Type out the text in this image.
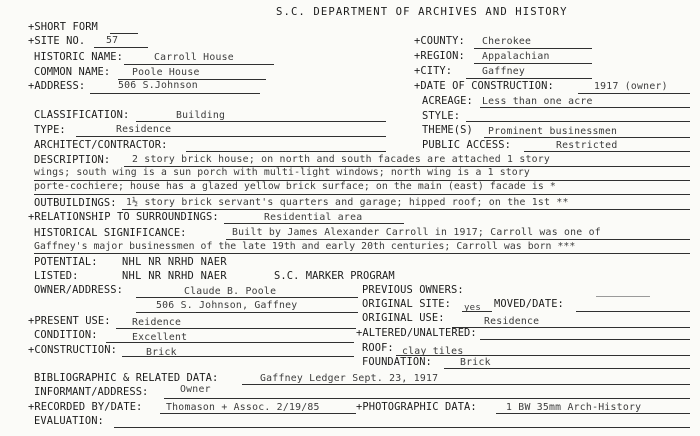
S.C. DEPARTMENT OF ARCHIVES AND HISTORY
+SHORT FORM
+SITE NO. 57	+COUNTY: Cherokee
HISTORIC NAME:	Carroll House	+REGION: Appalachian
COMMON NAME: Poole House	+CITY:	Gaffney
+ADDRESS:	506 S.Johnson	+DATE OF CONSTRUCTION:	1917 (owner)
ACREAGE: Less than one acre
CLASSIFICATION:	Building	STYLE:
TYPE:	Residence	THEME(S) Prominent businessmen
ARCHITECT/CONTRACTOR:	PUBLIC ACCESS:	Restricted
DESCRIPTION: 2 story brick house; on north and south facades are attached 1 story
wings; south wing is a sun porch with multi-light windows; north wing is a 1 story
porte-cochiere; house has a glazed yellow brick surface; on the main (east) facade is *
OUTBUILDINGS: 1½ story brick servant's quarters and garage; hipped roof; on the 1st **
+RELATIONSHIP TO SURROUNDINGS:	Residential area
HISTORICAL SIGNIFICANCE:	Built by James Alexander Carroll in 1917; Carroll was one of
Gaffney's major businessmen of the late 19th and early 20th centuries; Carroll was born ***
POTENTIAL: NHL NR NRHD NAER
LISTED:	NHL NR NRHD NAER	S.C. MARKER PROGRAM
OWNER/ADDRESS:	Claude B. Poole
506 S. Johnson, Gaffney
PREVIOUS OWNERS:
ORIGINAL SITE: yes MOVED/DATE:
+PRESENT USE: Reidence	ORIGINAL USE:	Residence
CONDITION:	Excellent	+ALTERED/UNALTERED:
+CONSTRUCTION:	Brick	ROOF: clay tiles
FOUNDATION:	Brick
BIBLIOGRAPHIC & RELATED DATA:	Gaffney Ledger Sept. 23, 1917
INFORMANT/ADDRESS:	Owner
+RECORDED BY/DATE: Thomason + Assoc. 2/19/85	+PHOTOGRAPHIC DATA:	1 BW 35mm Arch-History
EVALUATION:
